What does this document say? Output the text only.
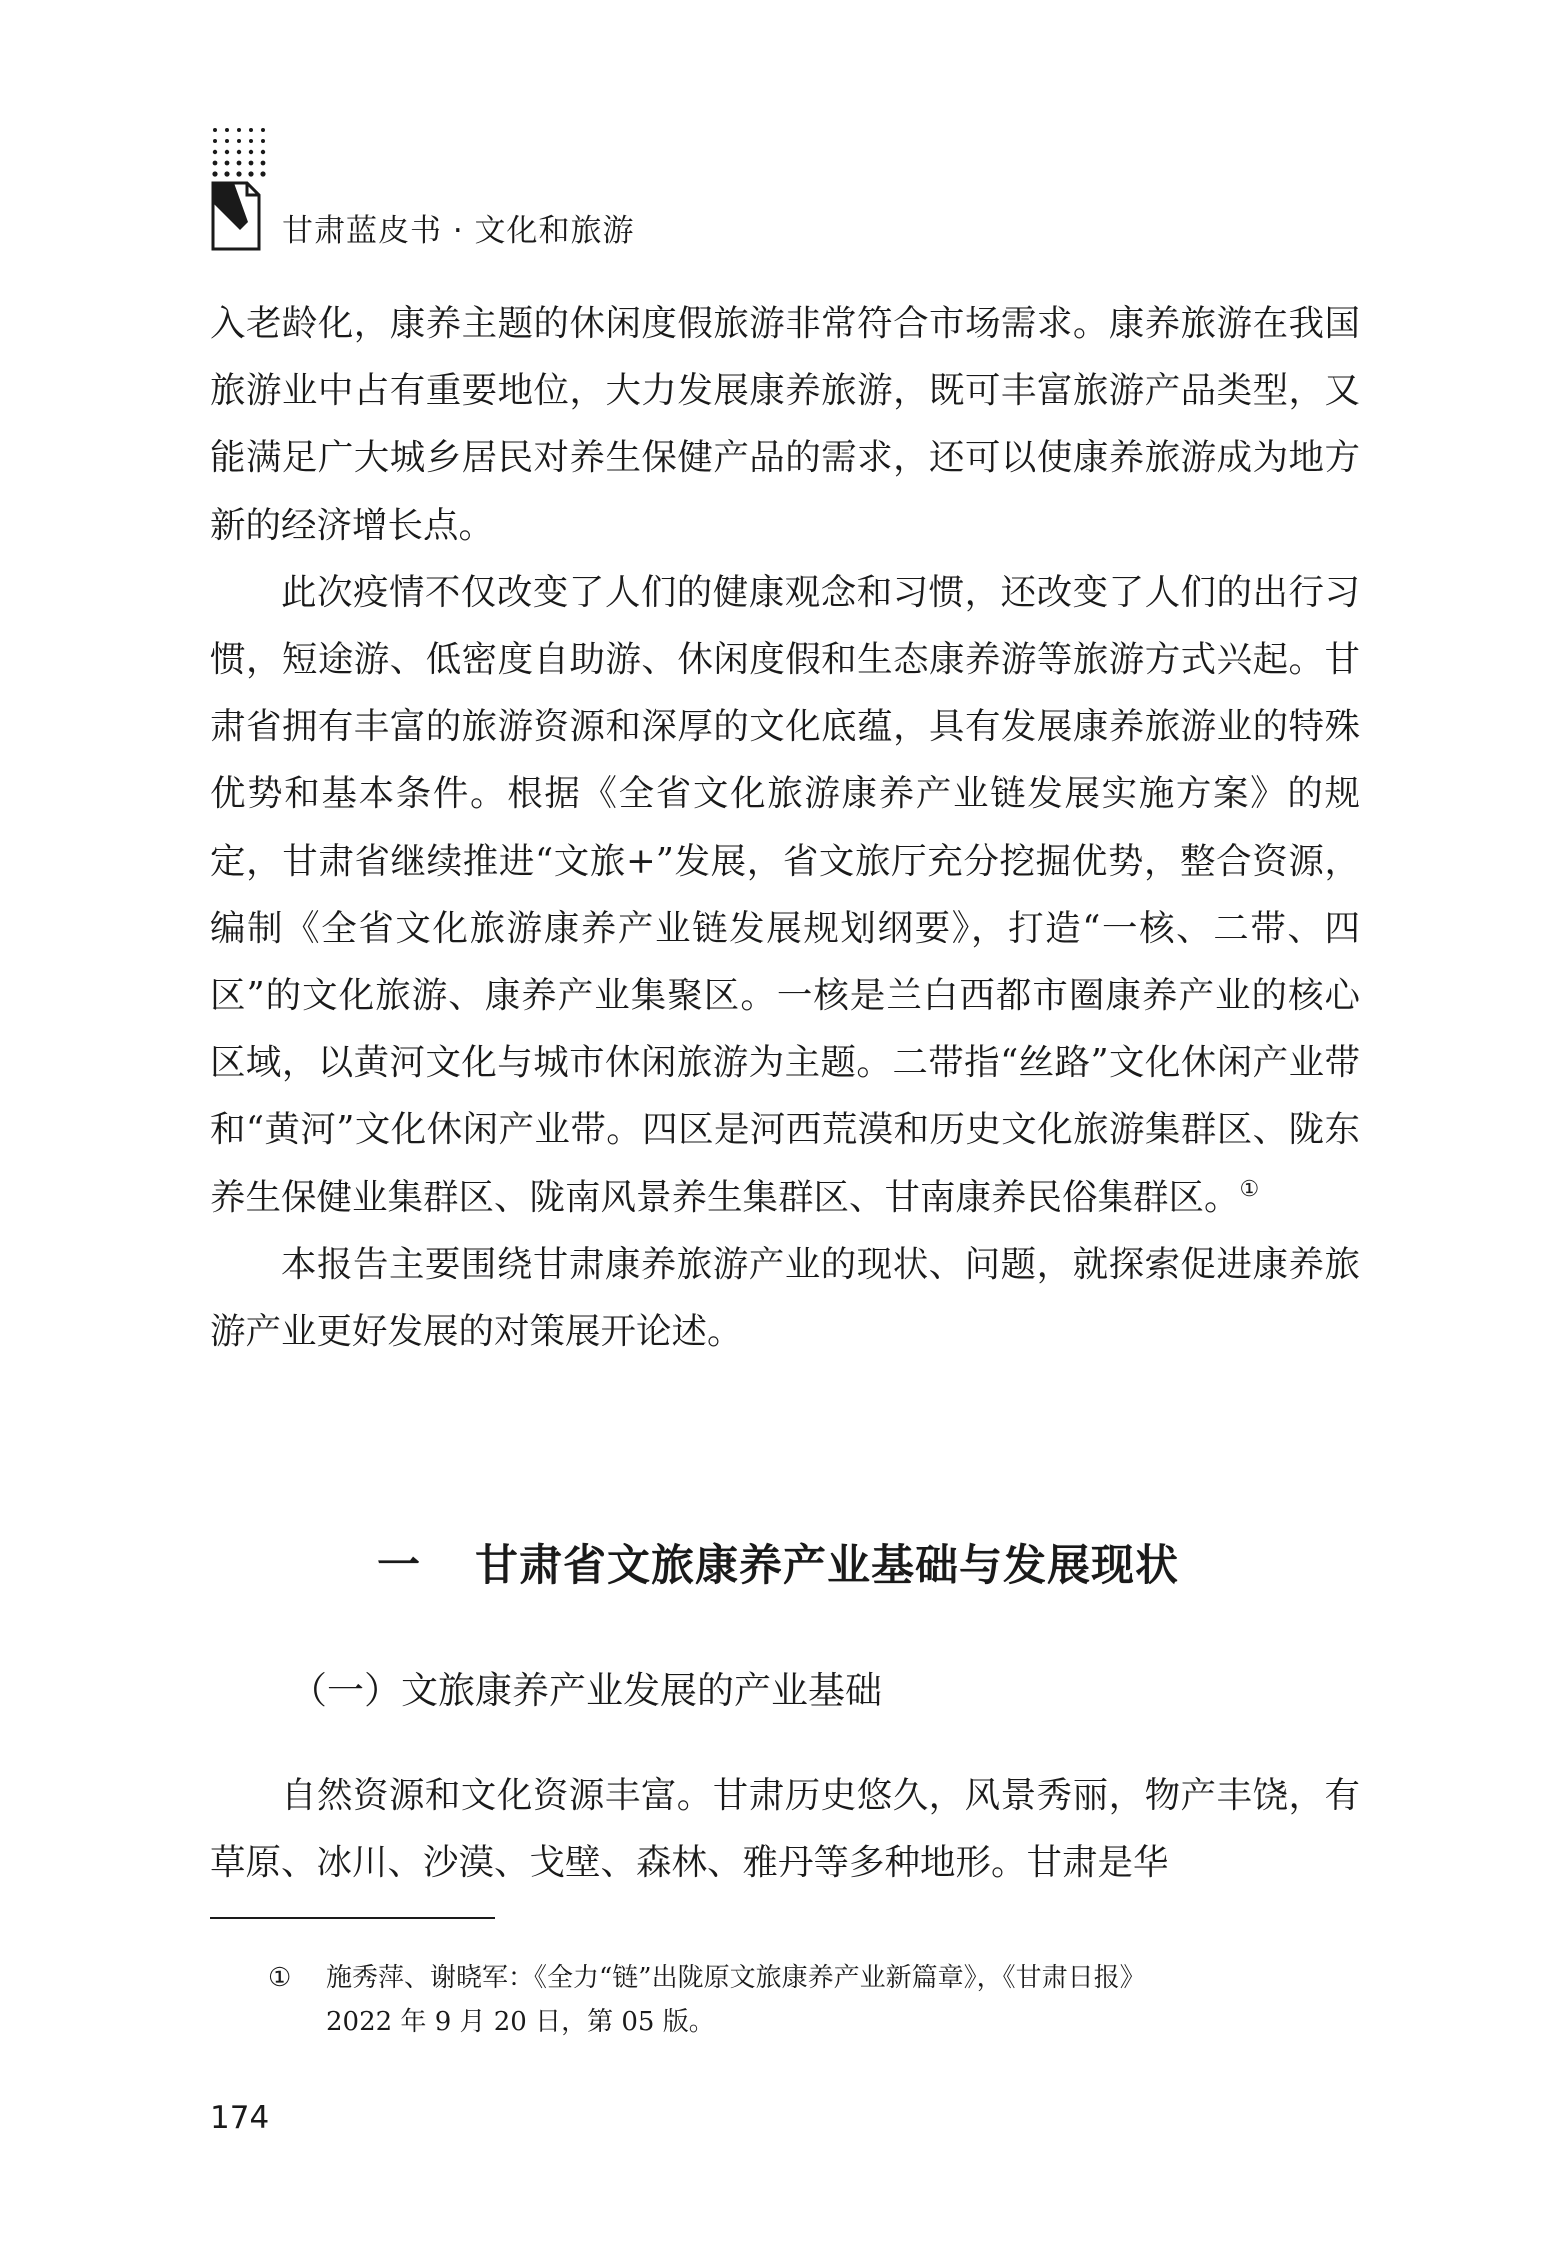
甘肃蓝皮书 · 文化和旅游

入老龄化，康养主题的休闲度假旅游非常符合市场需求。康养旅游在我国旅游业中占有重要地位，大力发展康养旅游，既可丰富旅游产品类型，又能满足广大城乡居民对养生保健产品的需求，还可以使康养旅游成为地方新的经济增长点。

此次疫情不仅改变了人们的健康观念和习惯，还改变了人们的出行习惯，短途游、低密度自助游、休闲度假和生态康养游等旅游方式兴起。甘肃省拥有丰富的旅游资源和深厚的文化底蕴，具有发展康养旅游业的特殊优势和基本条件。根据《全省文化旅游康养产业链发展实施方案》的规定，甘肃省继续推进“文旅+”发展，省文旅厅充分挖掘优势，整合资源，编制《全省文化旅游康养产业链发展规划纲要》，打造“一核、二带、四区”的文化旅游、康养产业集聚区。一核是兰白西都市圈康养产业的核心区域，以黄河文化与城市休闲旅游为主题。二带指“丝路”文化休闲产业带和“黄河”文化休闲产业带。四区是河西荒漠和历史文化旅游集群区、陇东养生保健业集群区、陇南风景养生集群区、甘南康养民俗集群区。①

本报告主要围绕甘肃康养旅游产业的现状、问题，就探索促进康养旅游产业更好发展的对策展开论述。

一 甘肃省文旅康养产业基础与发展现状
（一）文旅康养产业发展的产业基础

自然资源和文化资源丰富。甘肃历史悠久，风景秀丽，物产丰饶，有草原、冰川、沙漠、戈壁、森林、雅丹等多种地形。甘肃是华

① 施秀萍、谢晓军：《全力“链”出陇原文旅康养产业新篇章》，《甘肃日报》
2022 年 9 月 20 日，第 05 版。
174
